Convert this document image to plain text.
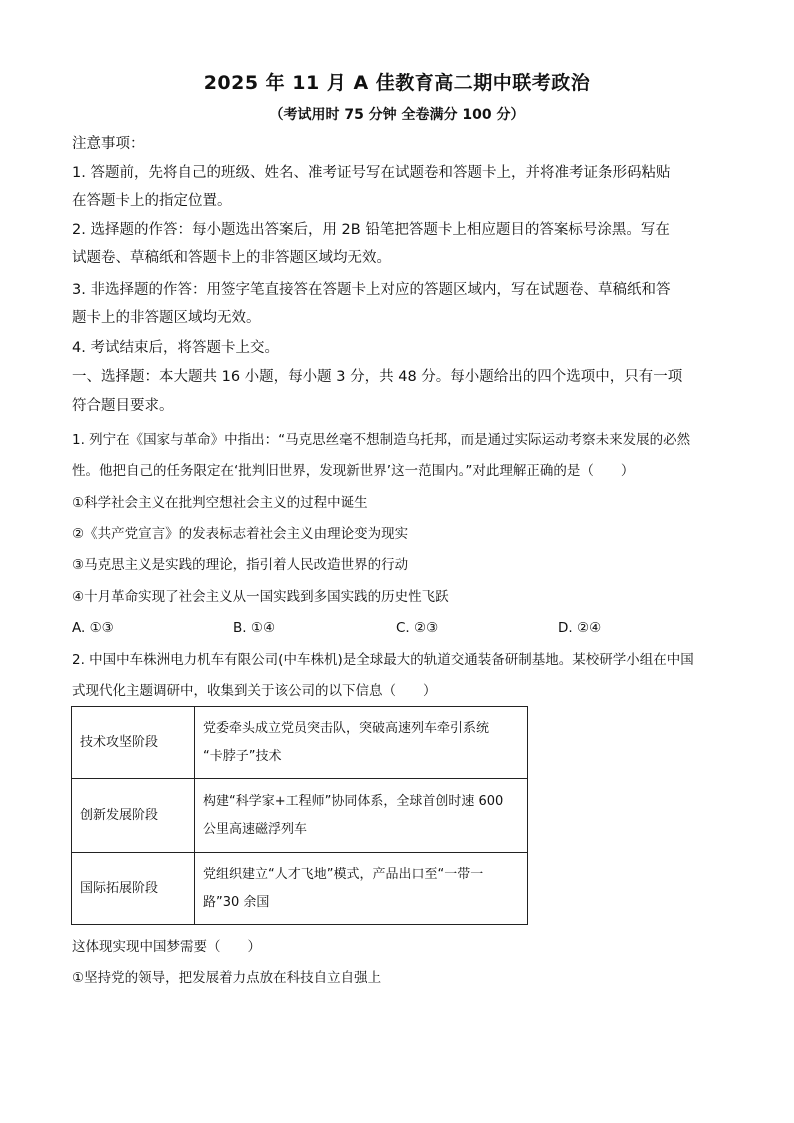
2025 年 11 月 A 佳教育高二期中联考政治
（考试用时 75 分钟 全卷满分 100 分）
注意事项：
1. 答题前，先将自己的班级、姓名、准考证号写在试题卷和答题卡上，并将准考证条形码粘贴
在答题卡上的指定位置。
2. 选择题的作答：每小题选出答案后，用 2B 铅笔把答题卡上相应题目的答案标号涂黑。写在
试题卷、草稿纸和答题卡上的非答题区域均无效。
3. 非选择题的作答：用签字笔直接答在答题卡上对应的答题区域内，写在试题卷、草稿纸和答
题卡上的非答题区域均无效。
4. 考试结束后，将答题卡上交。
一、选择题：本大题共 16 小题，每小题 3 分，共 48 分。每小题给出的四个选项中，只有一项
符合题目要求。
1. 列宁在《国家与革命》中指出：“马克思丝毫不想制造乌托邦，而是通过实际运动考察未来发展的必然
性。他把自己的任务限定在‘批判旧世界，发现新世界’这一范围内。”对此理解正确的是（　　）
①科学社会主义在批判空想社会主义的过程中诞生
②《共产党宣言》的发表标志着社会主义由理论变为现实
③马克思主义是实践的理论，指引着人民改造世界的行动
④十月革命实现了社会主义从一国实践到多国实践的历史性飞跃
A. ①③	B. ①④	C. ②③	D. ②④
2. 中国中车株洲电力机车有限公司(中车株机)是全球最大的轨道交通装备研制基地。某校研学小组在中国
式现代化主题调研中，收集到关于该公司的以下信息（　　）
技术攻坚阶段	党委牵头成立党员突击队，突破高速列车牵引系统
“卡脖子”技术

创新发展阶段	构建“科学家+工程师”协同体系，全球首创时速 600
公里高速磁浮列车

国际拓展阶段	党组织建立“人才飞地”模式，产品出口至“一带一
路”30 余国
这体现实现中国梦需要（　　）
①坚持党的领导，把发展着力点放在科技自立自强上
